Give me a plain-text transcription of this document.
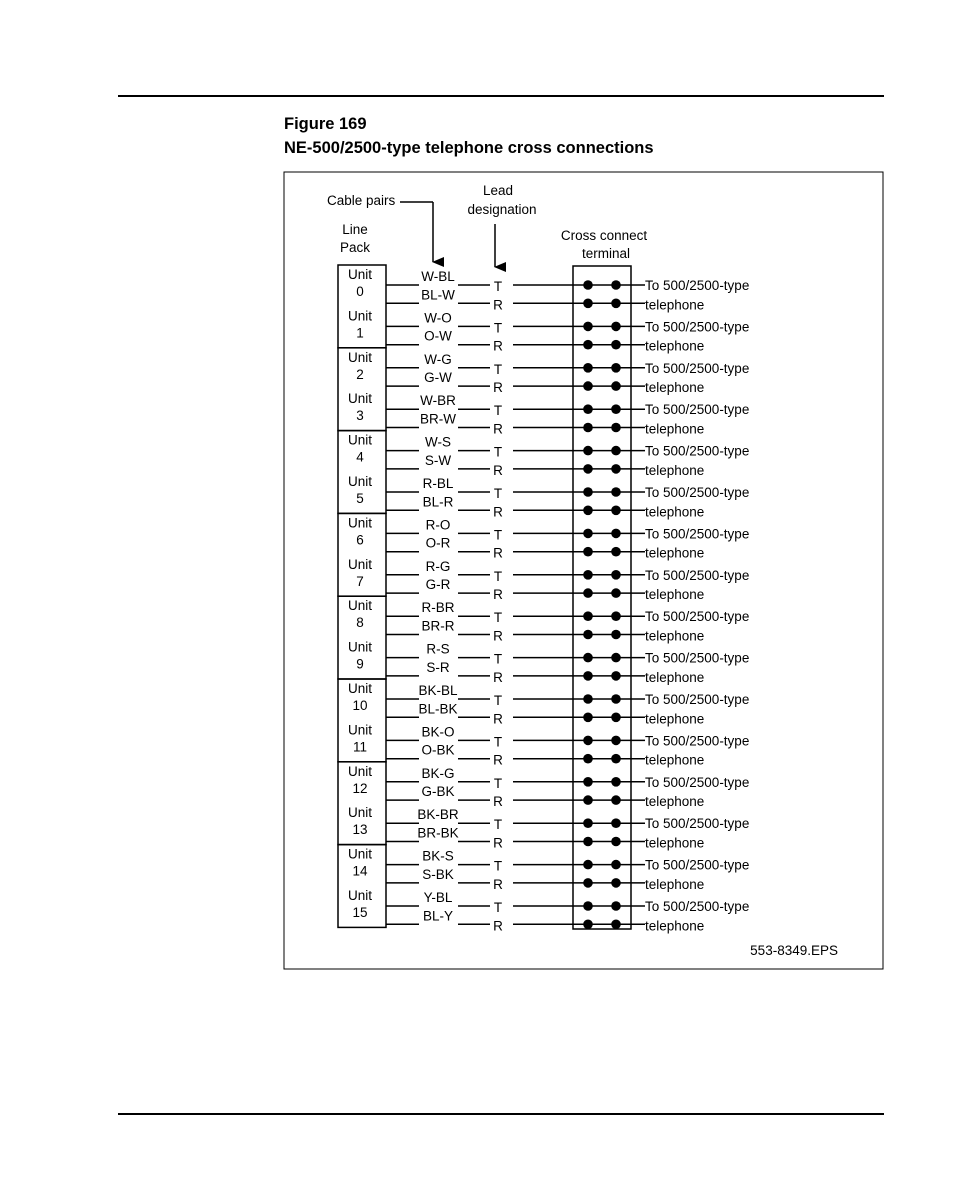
Figure 169
NE-500/2500-type telephone cross connections
Cable pairs
Lead
designation
Line
Pack
Cross connect
terminal
553-8349.EPS
Unit
0
Unit
1
Unit
2
Unit
3
Unit
4
Unit
5
Unit
6
Unit
7
Unit
8
Unit
9
Unit
10
Unit
11
Unit
12
Unit
13
Unit
14
Unit
15
W-BL
T
BL-W
R
To 500/2500-type
telephone
W-O
T
O-W
R
To 500/2500-type
telephone
W-G
T
G-W
R
To 500/2500-type
telephone
W-BR
T
BR-W
R
To 500/2500-type
telephone
W-S
T
S-W
R
To 500/2500-type
telephone
R-BL
T
BL-R
R
To 500/2500-type
telephone
R-O
T
O-R
R
To 500/2500-type
telephone
R-G
T
G-R
R
To 500/2500-type
telephone
R-BR
T
BR-R
R
To 500/2500-type
telephone
R-S
T
S-R
R
To 500/2500-type
telephone
BK-BL
T
BL-BK
R
To 500/2500-type
telephone
BK-O
T
O-BK
R
To 500/2500-type
telephone
BK-G
T
G-BK
R
To 500/2500-type
telephone
BK-BR
T
BR-BK
R
To 500/2500-type
telephone
BK-S
T
S-BK
R
To 500/2500-type
telephone
Y-BL
T
BL-Y
R
To 500/2500-type
telephone
